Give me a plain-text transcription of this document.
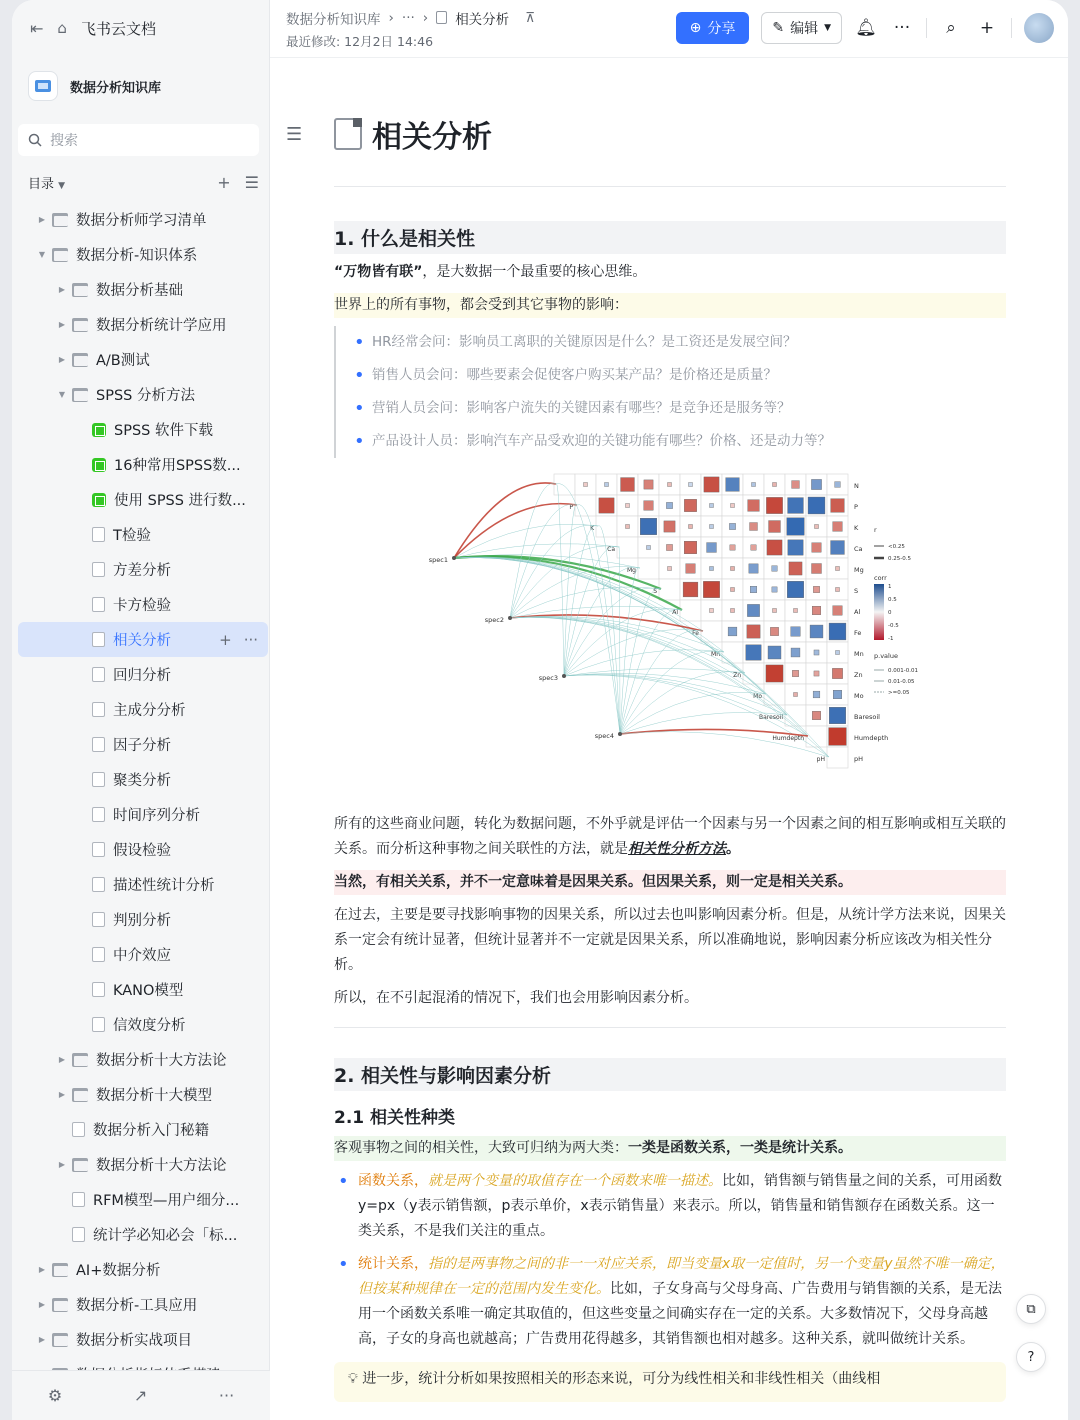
⇤ ⌂ 飞书云文档
数据分析知识库
搜索
目录 ▼	+ ☰
▶ 数据分析师学习清单
▼ 数据分析-知识体系
▶ 数据分析基础
▶ 数据分析统计学应用
▶ A/B测试
▼ SPSS 分析方法
SPSS 软件下载
16种常用SPSS数...
使用 SPSS 进行数...
T检验
方差分析
卡方检验
相关分析	+ ···
回归分析
主成分分析
因子分析
聚类分析
时间序列分析
假设检验
描述性统计分析
判别分析
中介效应
KANO模型
信效度分析
▶ 数据分析十大方法论
▶ 数据分析十大模型
数据分析入门秘籍
▶ 数据分析十大方法论
RFM模型—用户细分...
统计学必知必会「标...
▶ AI+数据分析
▶ 数据分析-工具应用
▶ 数据分析实战项目
⚙	↗	···
数据分析知识库 › ··· › 相关分析 ⊼
最近修改: 12月2日 14:46
⊕ 分享	✎ 编辑 ▼ 🔔︎ ···	⌕	+
☰ 相关分析
1. 什么是相关性

“万物皆有联”，是大数据一个最重要的核心思维。

世界上的所有事物，都会受到其它事物的影响：

• HR经常会问：影响员工离职的关键原因是什么？是工资还是发展空间？
• 销售人员会问：哪些要素会促使客户购买某产品？是价格还是质量？
• 营销人员会问：影响客户流失的关键因素有哪些？是竞争还是服务等？
• 产品设计人员：影响汽车产品受欢迎的关键功能有哪些？价格、还是动力等？
N
P
P
K
K
Ca
Ca
Mg
Mg
S
S
Al
Al
Fe
Fe
Mn
Mn
Zn
Zn
Mo
Mo
Baresoil
Baresoil
Humdepth
Humdepth
pH
pH
spec1
spec2
spec3
spec4
r
<0.25
0.25-0.5
corr
1
0.5
0
-0.5
-1
p.value
0.001-0.01
0.01-0.05
>=0.05

所有的这些商业问题，转化为数据问题，不外乎就是评估一个因素与另一个因素之间的相互影响或相互关联的关系。而分析这种事物之间关联性的方法，就是相关性分析方法。

当然，有相关关系，并不一定意味着是因果关系。但因果关系，则一定是相关关系。

在过去，主要是要寻找影响事物的因果关系，所以过去也叫影响因素分析。但是，从统计学方法来说，因果关系一定会有统计显著，但统计显著并不一定就是因果关系，所以准确地说，影响因素分析应该改为相关性分析。

所以，在不引起混淆的情况下，我们也会用影响因素分析。

2. 相关性与影响因素分析
2.1 相关性种类

客观事物之间的相关性，大致可归纳为两大类：一类是函数关系，一类是统计关系。

• 函数关系，就是两个变量的取值存在一个函数来唯一描述。比如，销售额与销售量之间的关系，可用函数y=px（y表示销售额，p表示单价，x表示销售量）来表示。所以，销售量和销售额存在函数关系。这一类关系，不是我们关注的重点。
• 统计关系，指的是两事物之间的非一一对应关系，即当变量x取一定值时，另一个变量y虽然不唯一确定，但按某种规律在一定的范围内发生变化。比如，子女身高与父母身高、广告费用与销售额的关系，是无法用一个函数关系唯一确定其取值的，但这些变量之间确实存在一定的关系。大多数情况下，父母身高越高，子女的身高也就越高；广告费用花得越多，其销售额也相对越多。这种关系，就叫做统计关系。
💡︎ 进一步，统计分析如果按照相关的形态来说，可分为线性相关和非线性相关（曲线相
⧉
?
